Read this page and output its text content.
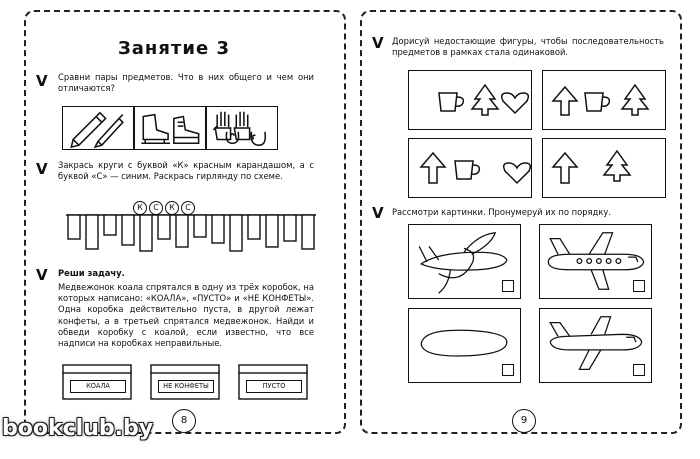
Занятие 3
V Сравни пары предметов. Что в них общего и чем они отличаются?
V Закрась круги с буквой «К» красным карандашом, а с буквой «С» — синим. Раскрась гирлянду по схеме.
К С К С
V Реши задачу.
Медвежонок коала спрятался в одну из трёх коробок, на которых написано: «КОАЛА», «ПУСТО» и «НЕ КОНФЕТЫ». Одна коробка действительно пуста, в другой лежат конфеты, а в третьей спрятался медвежонок. Найди и обведи коробку с коалой, если известно, что все надписи на коробках неправильные.
КОАЛА	НЕ КОНФЕТЫ	ПУСТО
8
V Дорисуй недостающие фигуры, чтобы последовательность предметов в рамках стала одинаковой.
V Рассмотри картинки. Пронумеруй их по порядку.
9
bookclub.by
